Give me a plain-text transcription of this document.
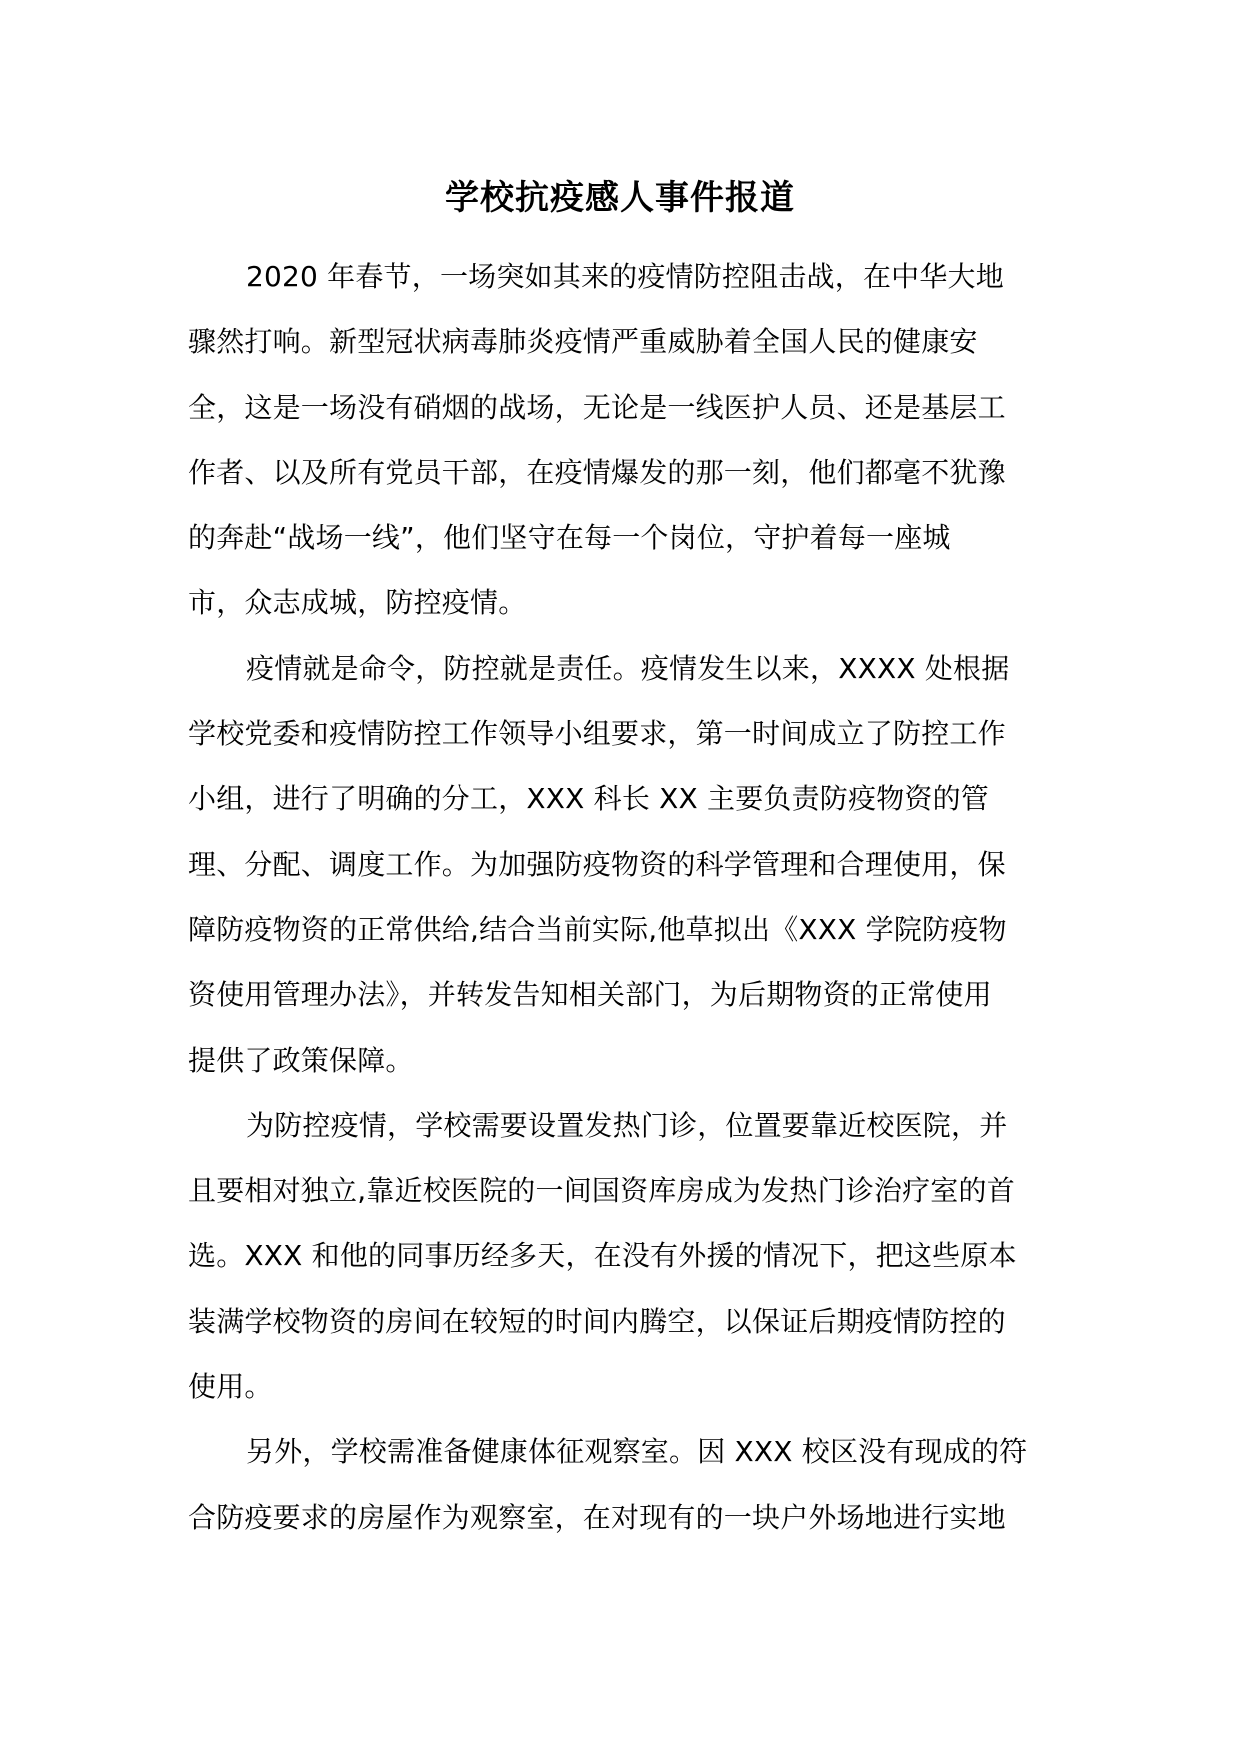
学校抗疫感人事件报道
2020 年春节，一场突如其来的疫情防控阻击战，在中华大地
骤然打响。新型冠状病毒肺炎疫情严重威胁着全国人民的健康安
全，这是一场没有硝烟的战场，无论是一线医护人员、还是基层工
作者、以及所有党员干部，在疫情爆发的那一刻，他们都毫不犹豫
的奔赴“战场一线”，他们坚守在每一个岗位，守护着每一座城
市，众志成城，防控疫情。
疫情就是命令，防控就是责任。疫情发生以来，XXXX 处根据
学校党委和疫情防控工作领导小组要求，第一时间成立了防控工作
小组，进行了明确的分工，XXX 科长 XX 主要负责防疫物资的管
理、分配、调度工作。为加强防疫物资的科学管理和合理使用，保
障防疫物资的正常供给,结合当前实际,他草拟出《XXX 学院防疫物
资使用管理办法》，并转发告知相关部门，为后期物资的正常使用
提供了政策保障。
为防控疫情，学校需要设置发热门诊，位置要靠近校医院，并
且要相对独立,靠近校医院的一间国资库房成为发热门诊治疗室的首
选。XXX 和他的同事历经多天，在没有外援的情况下，把这些原本
装满学校物资的房间在较短的时间内腾空，以保证后期疫情防控的
使用。
另外，学校需准备健康体征观察室。因 XXX 校区没有现成的符
合防疫要求的房屋作为观察室，在对现有的一块户外场地进行实地
